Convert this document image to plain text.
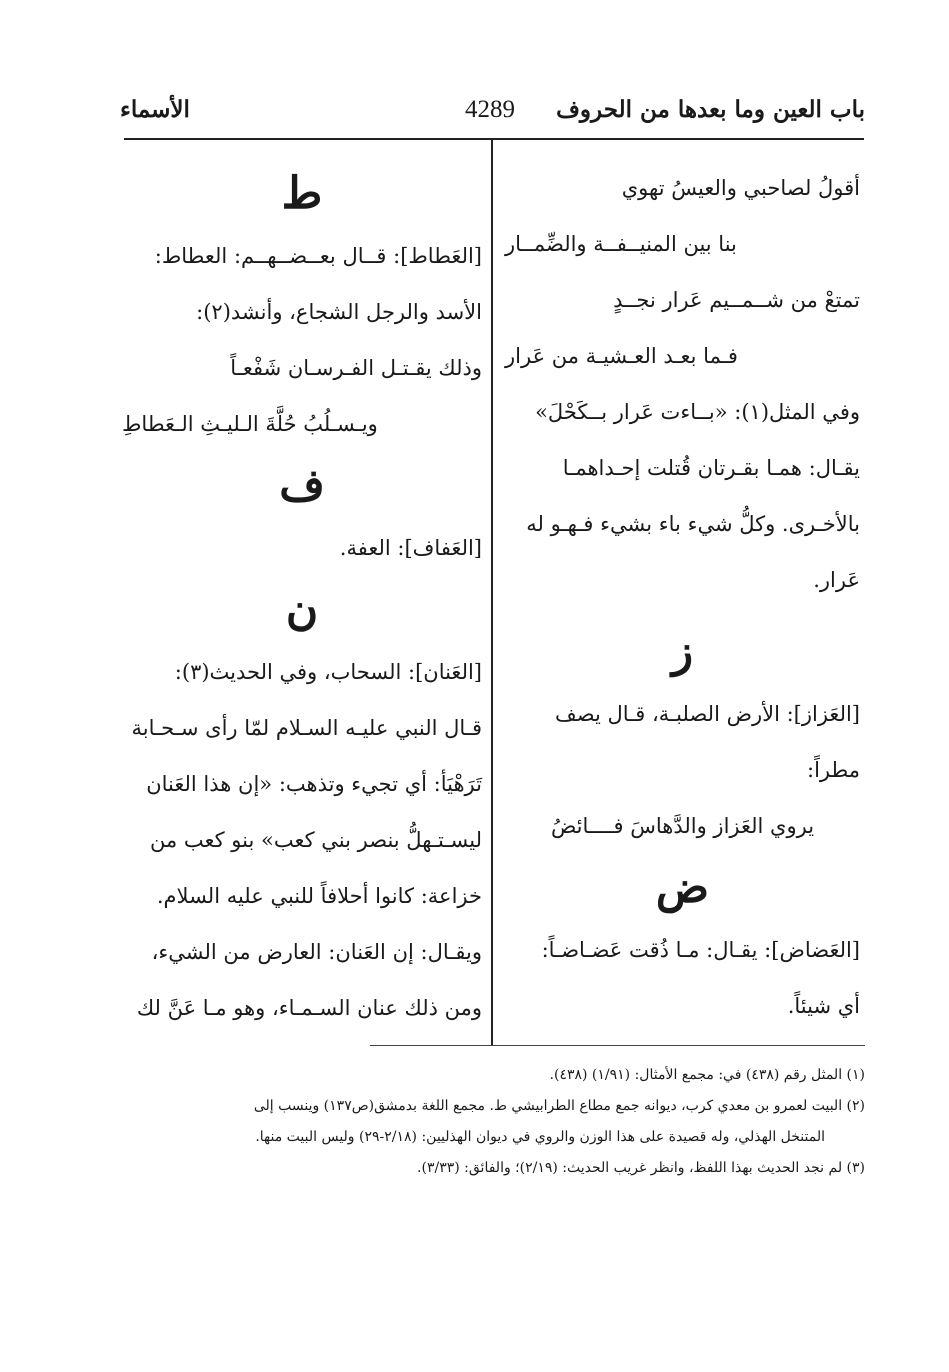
باب العين وما بعدها من الحروف
4289
الأسماء
أقولُ لصاحبي والعيسُ تهوي
بنا بين المنيــفــة والضِّمــار
تمتعْ من شــمــيم عَرار نجــدٍ
فـما بعـد العـشيـة من عَرار
وفي المثل(١): «بــاءت عَرار بــكَحْلَ»
يقـال: همـا بقـرتان قُتلت إحـداهمـا
بالأخـرى. وكلُّ شيء باء بشيء فـهـو له
عَرار.
ز
[العَزاز]: الأرض الصلبـة، قـال يصف
مطراً:
يروي العَزاز والدَّهاسَ فــــائضُ
ض
[العَضاض]: يقـال: مـا ذُقت عَضـاضـاً:
أي شيئاً.
ط
[العَطاط]: قــال بعــضــهــم: العطاط:
الأسد والرجل الشجاع، وأنشد(٢):
وذلك يقـتـل الفـرسـان شَفْعـاً
ويـسـلُبُ حُلَّةَ الـليـثِ الـعَطاطِ
ف
[العَفاف]: العفة.
ن
[العَنان]: السحاب، وفي الحديث(٣):
قـال النبي عليـه السـلام لمّا رأى سـحـابة
تَرَهْيَأ: أي تجيء وتذهب: «إن هذا العَنان
ليسـتـهلُّ بنصر بني كعب» بنو كعب من
خزاعة: كانوا أحلافاً للنبي عليه السلام.
ويقـال: إن العَنان: العارض من الشيء،
ومن ذلك عنان السـمـاء، وهو مـا عَنَّ لك
(١) المثل رقم (٤٣٨) في: مجمع الأمثال: (١/٩١) (٤٣٨).
(٢) البيت لعمرو بن معدي كرب، ديوانه جمع مطاع الطرابيشي ط. مجمع اللغة بدمشق(ص١٣٧) وينسب إلى
المتنخل الهذلي، وله قصيدة على هذا الوزن والروي في ديوان الهذليين: (٢/١٨-٢٩) وليس البيت منها.
(٣) لم نجد الحديث بهذا اللفظ، وانظر غريب الحديث: (٢/١٩)؛ والفائق: (٣/٣٣).
